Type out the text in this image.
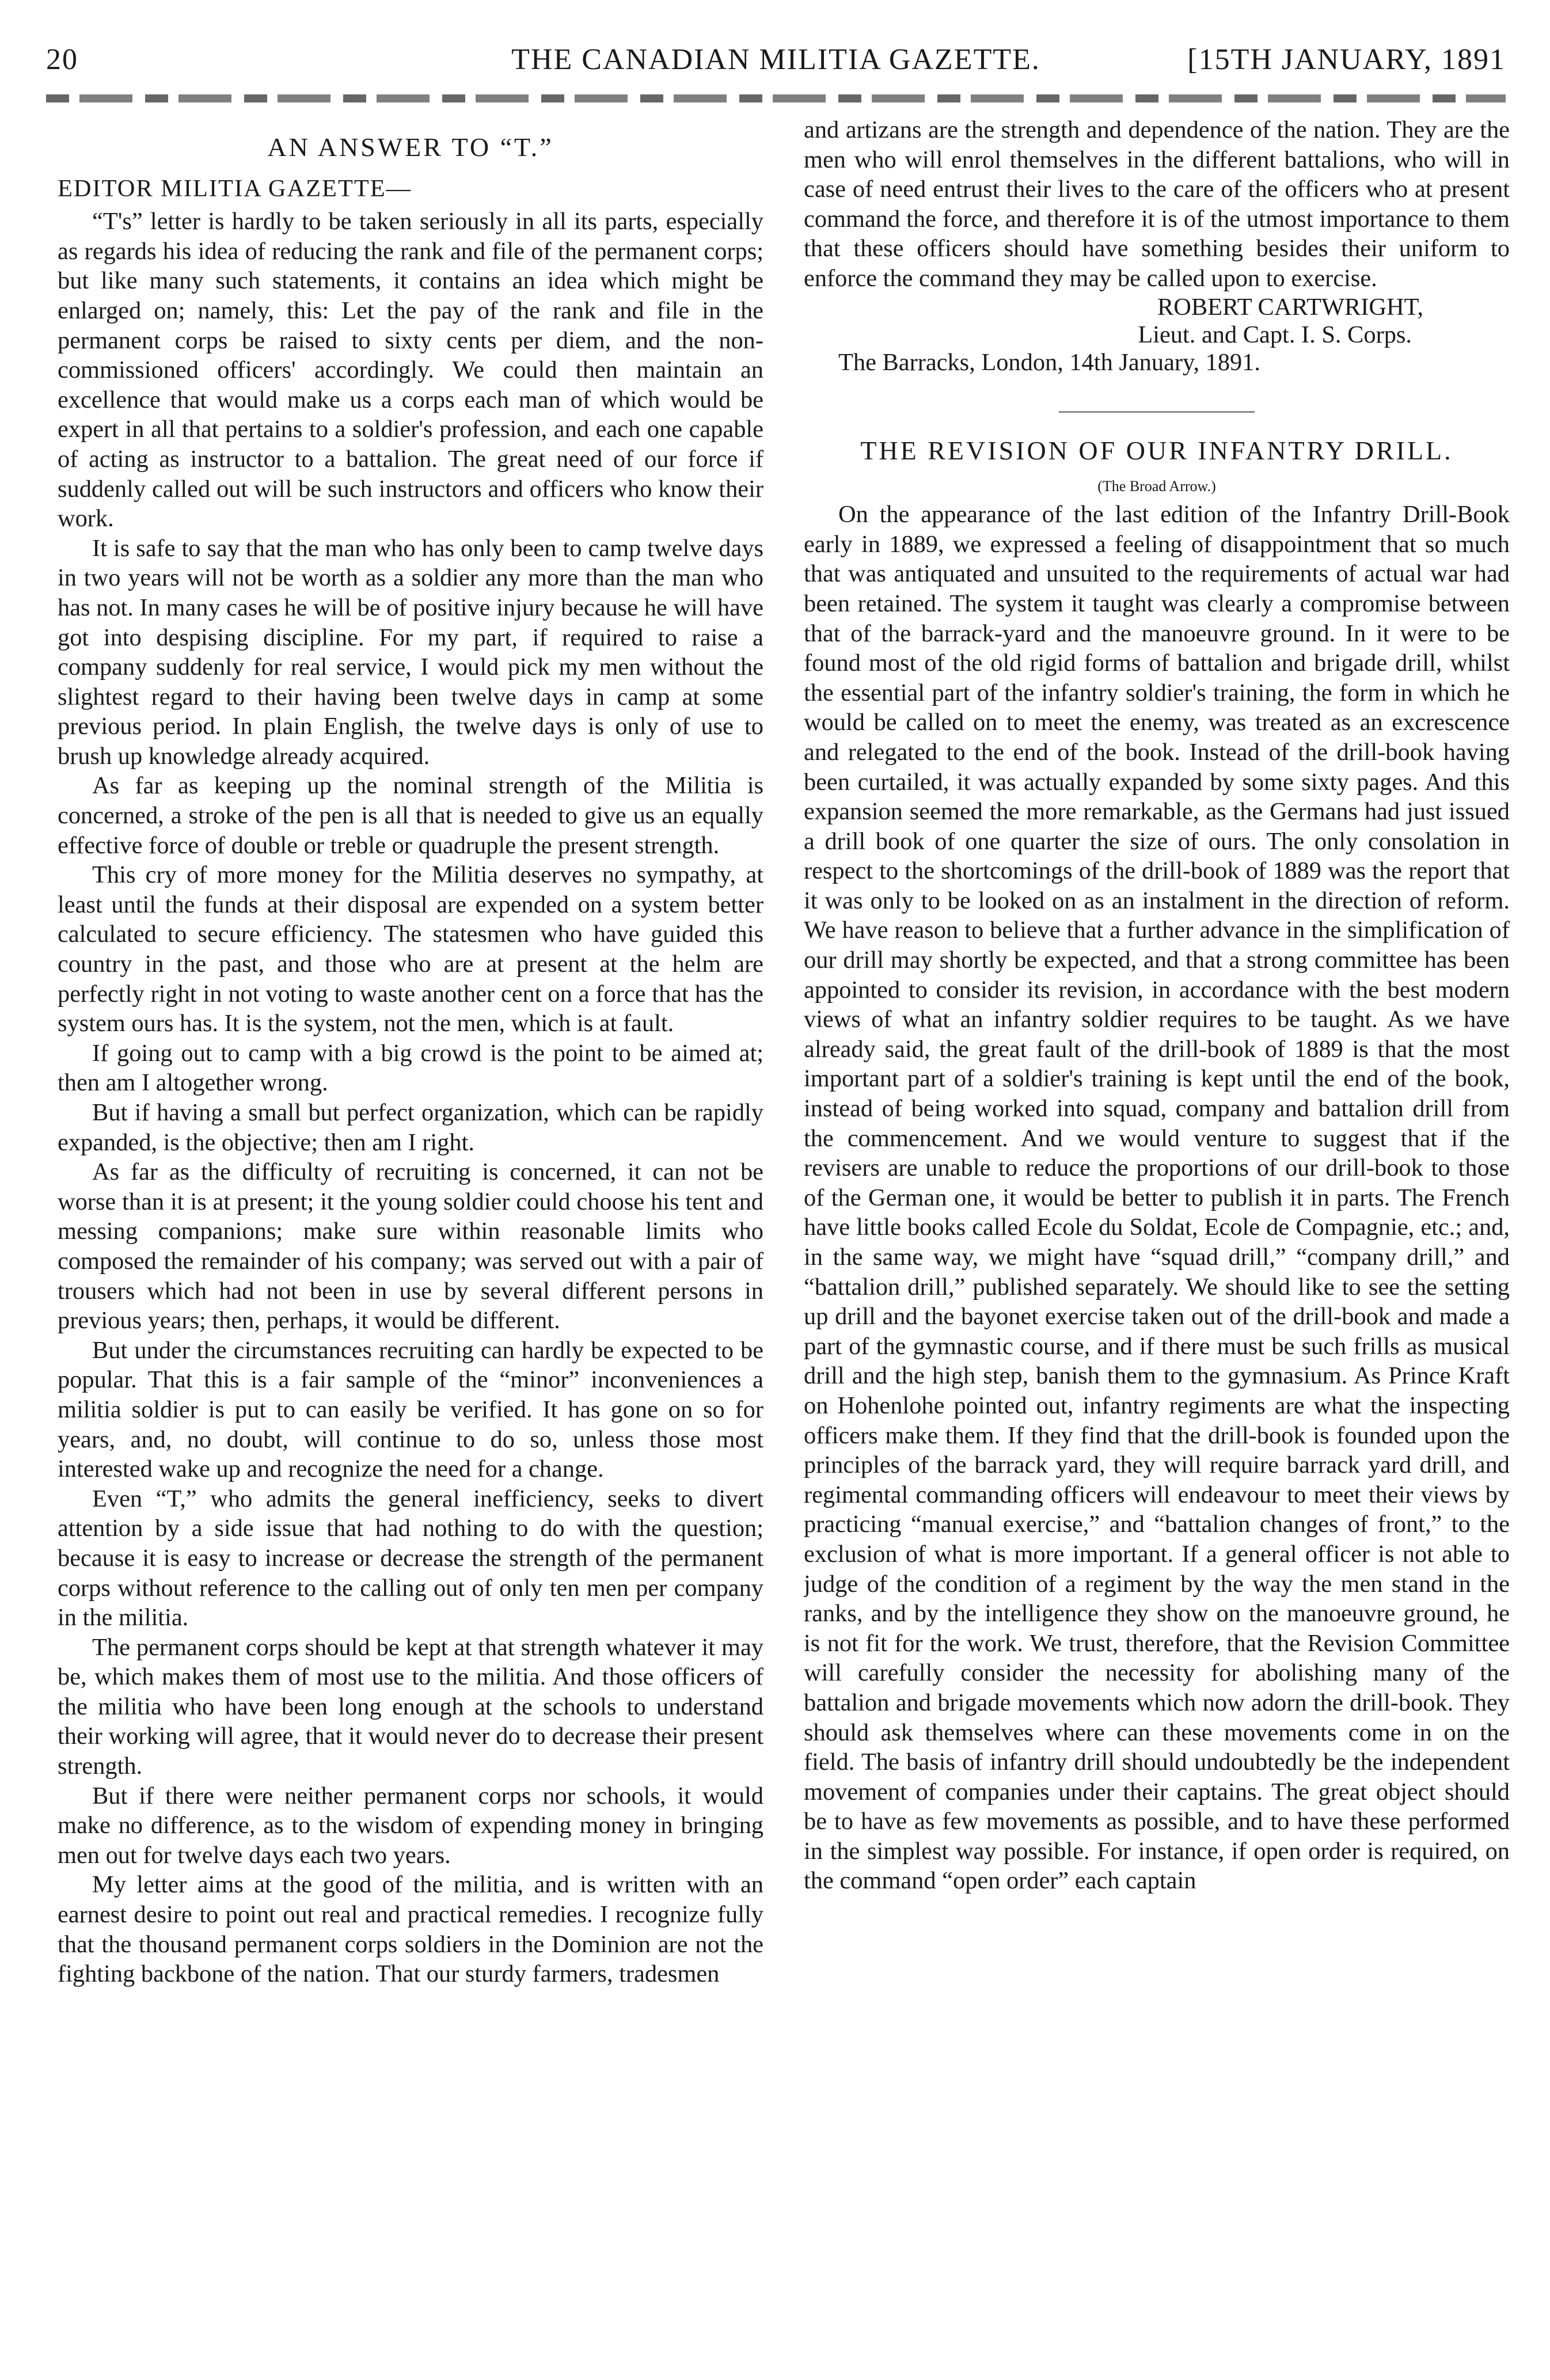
20	THE CANADIAN MILITIA GAZETTE.	[15TH JANUARY, 1891
AN ANSWER TO “T.”
EDITOR MILITIA GAZETTE—

“T's” letter is hardly to be taken seriously in all its parts, especially as regards his idea of reducing the rank and file of the permanent corps; but like many such statements, it contains an idea which might be enlarged on; namely, this: Let the pay of the rank and file in the permanent corps be raised to sixty cents per diem, and the non-commissioned officers' accordingly. We could then maintain an excellence that would make us a corps each man of which would be expert in all that pertains to a soldier's profession, and each one capable of acting as instructor to a battalion. The great need of our force if suddenly called out will be such instructors and officers who know their work.

It is safe to say that the man who has only been to camp twelve days in two years will not be worth as a soldier any more than the man who has not. In many cases he will be of positive injury because he will have got into despising discipline. For my part, if required to raise a company suddenly for real service, I would pick my men without the slightest regard to their having been twelve days in camp at some previous period. In plain English, the twelve days is only of use to brush up knowledge already acquired.

As far as keeping up the nominal strength of the Militia is concerned, a stroke of the pen is all that is needed to give us an equally effective force of double or treble or quadruple the present strength.

This cry of more money for the Militia deserves no sympathy, at least until the funds at their disposal are expended on a system better calculated to secure efficiency. The statesmen who have guided this country in the past, and those who are at present at the helm are perfectly right in not voting to waste another cent on a force that has the system ours has. It is the system, not the men, which is at fault.

If going out to camp with a big crowd is the point to be aimed at; then am I altogether wrong.

But if having a small but perfect organization, which can be rapidly expanded, is the objective; then am I right.

As far as the difficulty of recruiting is concerned, it can not be worse than it is at present; it the young soldier could choose his tent and messing companions; make sure within reasonable limits who composed the remainder of his company; was served out with a pair of trousers which had not been in use by several different persons in previous years; then, perhaps, it would be different.

But under the circumstances recruiting can hardly be expected to be popular. That this is a fair sample of the “minor” inconveniences a militia soldier is put to can easily be verified. It has gone on so for years, and, no doubt, will continue to do so, unless those most interested wake up and recognize the need for a change.

Even “T,” who admits the general inefficiency, seeks to divert attention by a side issue that had nothing to do with the question; because it is easy to increase or decrease the strength of the permanent corps without reference to the calling out of only ten men per company in the militia.

The permanent corps should be kept at that strength whatever it may be, which makes them of most use to the militia. And those officers of the militia who have been long enough at the schools to understand their working will agree, that it would never do to decrease their present strength.

But if there were neither permanent corps nor schools, it would make no difference, as to the wisdom of expending money in bringing men out for twelve days each two years.

My letter aims at the good of the militia, and is written with an earnest desire to point out real and practical remedies. I recognize fully that the thousand permanent corps soldiers in the Dominion are not the fighting backbone of the nation. That our sturdy farmers, tradesmen

and artizans are the strength and dependence of the nation. They are the men who will enrol themselves in the different battalions, who will in case of need entrust their lives to the care of the officers who at present command the force, and therefore it is of the utmost importance to them that these officers should have something besides their uniform to enforce the command they may be called upon to exercise.

ROBERT CARTWRIGHT,

Lieut. and Capt. I. S. Corps.

The Barracks, London, 14th January, 1891.

THE REVISION OF OUR INFANTRY DRILL.
(The Broad Arrow.)

On the appearance of the last edition of the Infantry Drill-Book early in 1889, we expressed a feeling of disappointment that so much that was antiquated and unsuited to the requirements of actual war had been retained. The system it taught was clearly a compromise between that of the barrack-yard and the manoeuvre ground. In it were to be found most of the old rigid forms of battalion and brigade drill, whilst the essential part of the infantry soldier's training, the form in which he would be called on to meet the enemy, was treated as an excrescence and relegated to the end of the book. Instead of the drill-book having been curtailed, it was actually expanded by some sixty pages. And this expansion seemed the more remarkable, as the Germans had just issued a drill book of one quarter the size of ours. The only consolation in respect to the shortcomings of the drill-book of 1889 was the report that it was only to be looked on as an instalment in the direction of reform. We have reason to believe that a further advance in the simplification of our drill may shortly be expected, and that a strong committee has been appointed to consider its revision, in accordance with the best modern views of what an infantry soldier requires to be taught. As we have already said, the great fault of the drill-book of 1889 is that the most important part of a soldier's training is kept until the end of the book, instead of being worked into squad, company and battalion drill from the commencement. And we would venture to suggest that if the revisers are unable to reduce the proportions of our drill-book to those of the German one, it would be better to publish it in parts. The French have little books called Ecole du Soldat, Ecole de Compagnie, etc.; and, in the same way, we might have “squad drill,” “company drill,” and “battalion drill,” published separately. We should like to see the setting up drill and the bayonet exercise taken out of the drill-book and made a part of the gymnastic course, and if there must be such frills as musical drill and the high step, banish them to the gymnasium. As Prince Kraft on Hohenlohe pointed out, infantry regiments are what the inspecting officers make them. If they find that the drill-book is founded upon the principles of the barrack yard, they will require barrack yard drill, and regimental commanding officers will endeavour to meet their views by practicing “manual exercise,” and “battalion changes of front,” to the exclusion of what is more important. If a general officer is not able to judge of the condition of a regiment by the way the men stand in the ranks, and by the intelligence they show on the manoeuvre ground, he is not fit for the work. We trust, therefore, that the Revision Committee will carefully consider the necessity for abolishing many of the battalion and brigade movements which now adorn the drill-book. They should ask themselves where can these movements come in on the field. The basis of infantry drill should undoubtedly be the independent movement of companies under their captains. The great object should be to have as few movements as possible, and to have these performed in the simplest way possible. For instance, if open order is required, on the command “open order” each captain
